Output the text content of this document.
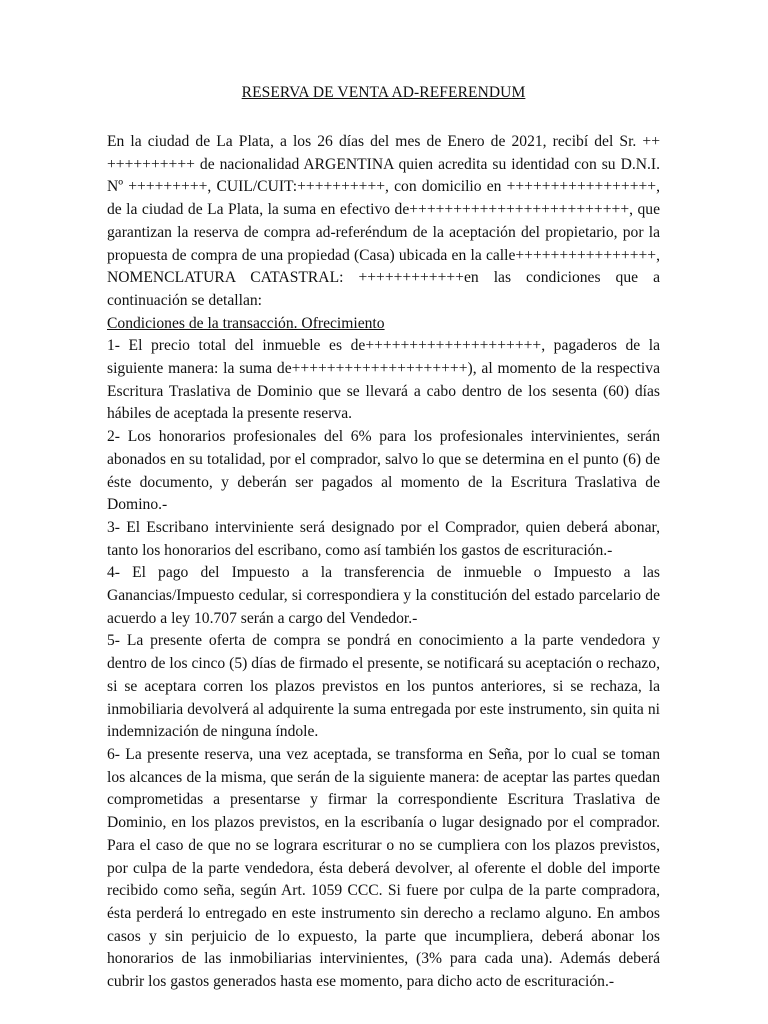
RESERVA DE VENTA AD-REFERENDUM

En la ciudad de La Plata, a los 26 días del mes de Enero de 2021, recibí del Sr. ++ ++++++++++ de nacionalidad ARGENTINA quien acredita su identidad con su D.N.I. Nº +++++++++, CUIL/CUIT:++++++++++, con domicilio en +++++++++++++++++, de la ciudad de La Plata, la suma en efectivo de+++++++++++++++++++++++++, que garantizan la reserva de compra ad-referéndum de la aceptación del propietario, por la propuesta de compra de una propiedad (Casa) ubicada en la calle++++++++++++++++, NOMENCLATURA CATASTRAL: ++++++++++++en las condiciones que a continuación se detallan:

Condiciones de la transacción. Ofrecimiento

1- El precio total del inmueble es de++++++++++++++++++++, pagaderos de la siguiente manera: la suma de++++++++++++++++++++), al momento de la respectiva Escritura Traslativa de Dominio que se llevará a cabo dentro de los sesenta (60) días hábiles de aceptada la presente reserva.

2- Los honorarios profesionales del 6% para los profesionales intervinientes, serán abonados en su totalidad, por el comprador, salvo lo que se determina en el punto (6) de éste documento, y deberán ser pagados al momento de la Escritura Traslativa de Domino.-

3- El Escribano interviniente será designado por el Comprador, quien deberá abonar, tanto los honorarios del escribano, como así también los gastos de escrituración.-

4- El pago del Impuesto a la transferencia de inmueble o Impuesto a las Ganancias/Impuesto cedular, si correspondiera y la constitución del estado parcelario de acuerdo a ley 10.707 serán a cargo del Vendedor.-

5- La presente oferta de compra se pondrá en conocimiento a la parte vendedora y dentro de los cinco (5) días de firmado el presente, se notificará su aceptación o rechazo, si se aceptara corren los plazos previstos en los puntos anteriores, si se rechaza, la inmobiliaria devolverá al adquirente la suma entregada por este instrumento, sin quita ni indemnización de ninguna índole.

6- La presente reserva, una vez aceptada, se transforma en Seña, por lo cual se toman los alcances de la misma, que serán de la siguiente manera: de aceptar las partes quedan comprometidas a presentarse y firmar la correspondiente Escritura Traslativa de Dominio, en los plazos previstos, en la escribanía o lugar designado por el comprador. Para el caso de que no se lograra escriturar o no se cumpliera con los plazos previstos, por culpa de la parte vendedora, ésta deberá devolver, al oferente el doble del importe recibido como seña, según Art. 1059 CCC. Si fuere por culpa de la parte compradora, ésta perderá lo entregado en este instrumento sin derecho a reclamo alguno. En ambos casos y sin perjuicio de lo expuesto, la parte que incumpliera, deberá abonar los honorarios de las inmobiliarias intervinientes, (3% para cada una). Además deberá cubrir los gastos generados hasta ese momento, para dicho acto de escrituración.-
